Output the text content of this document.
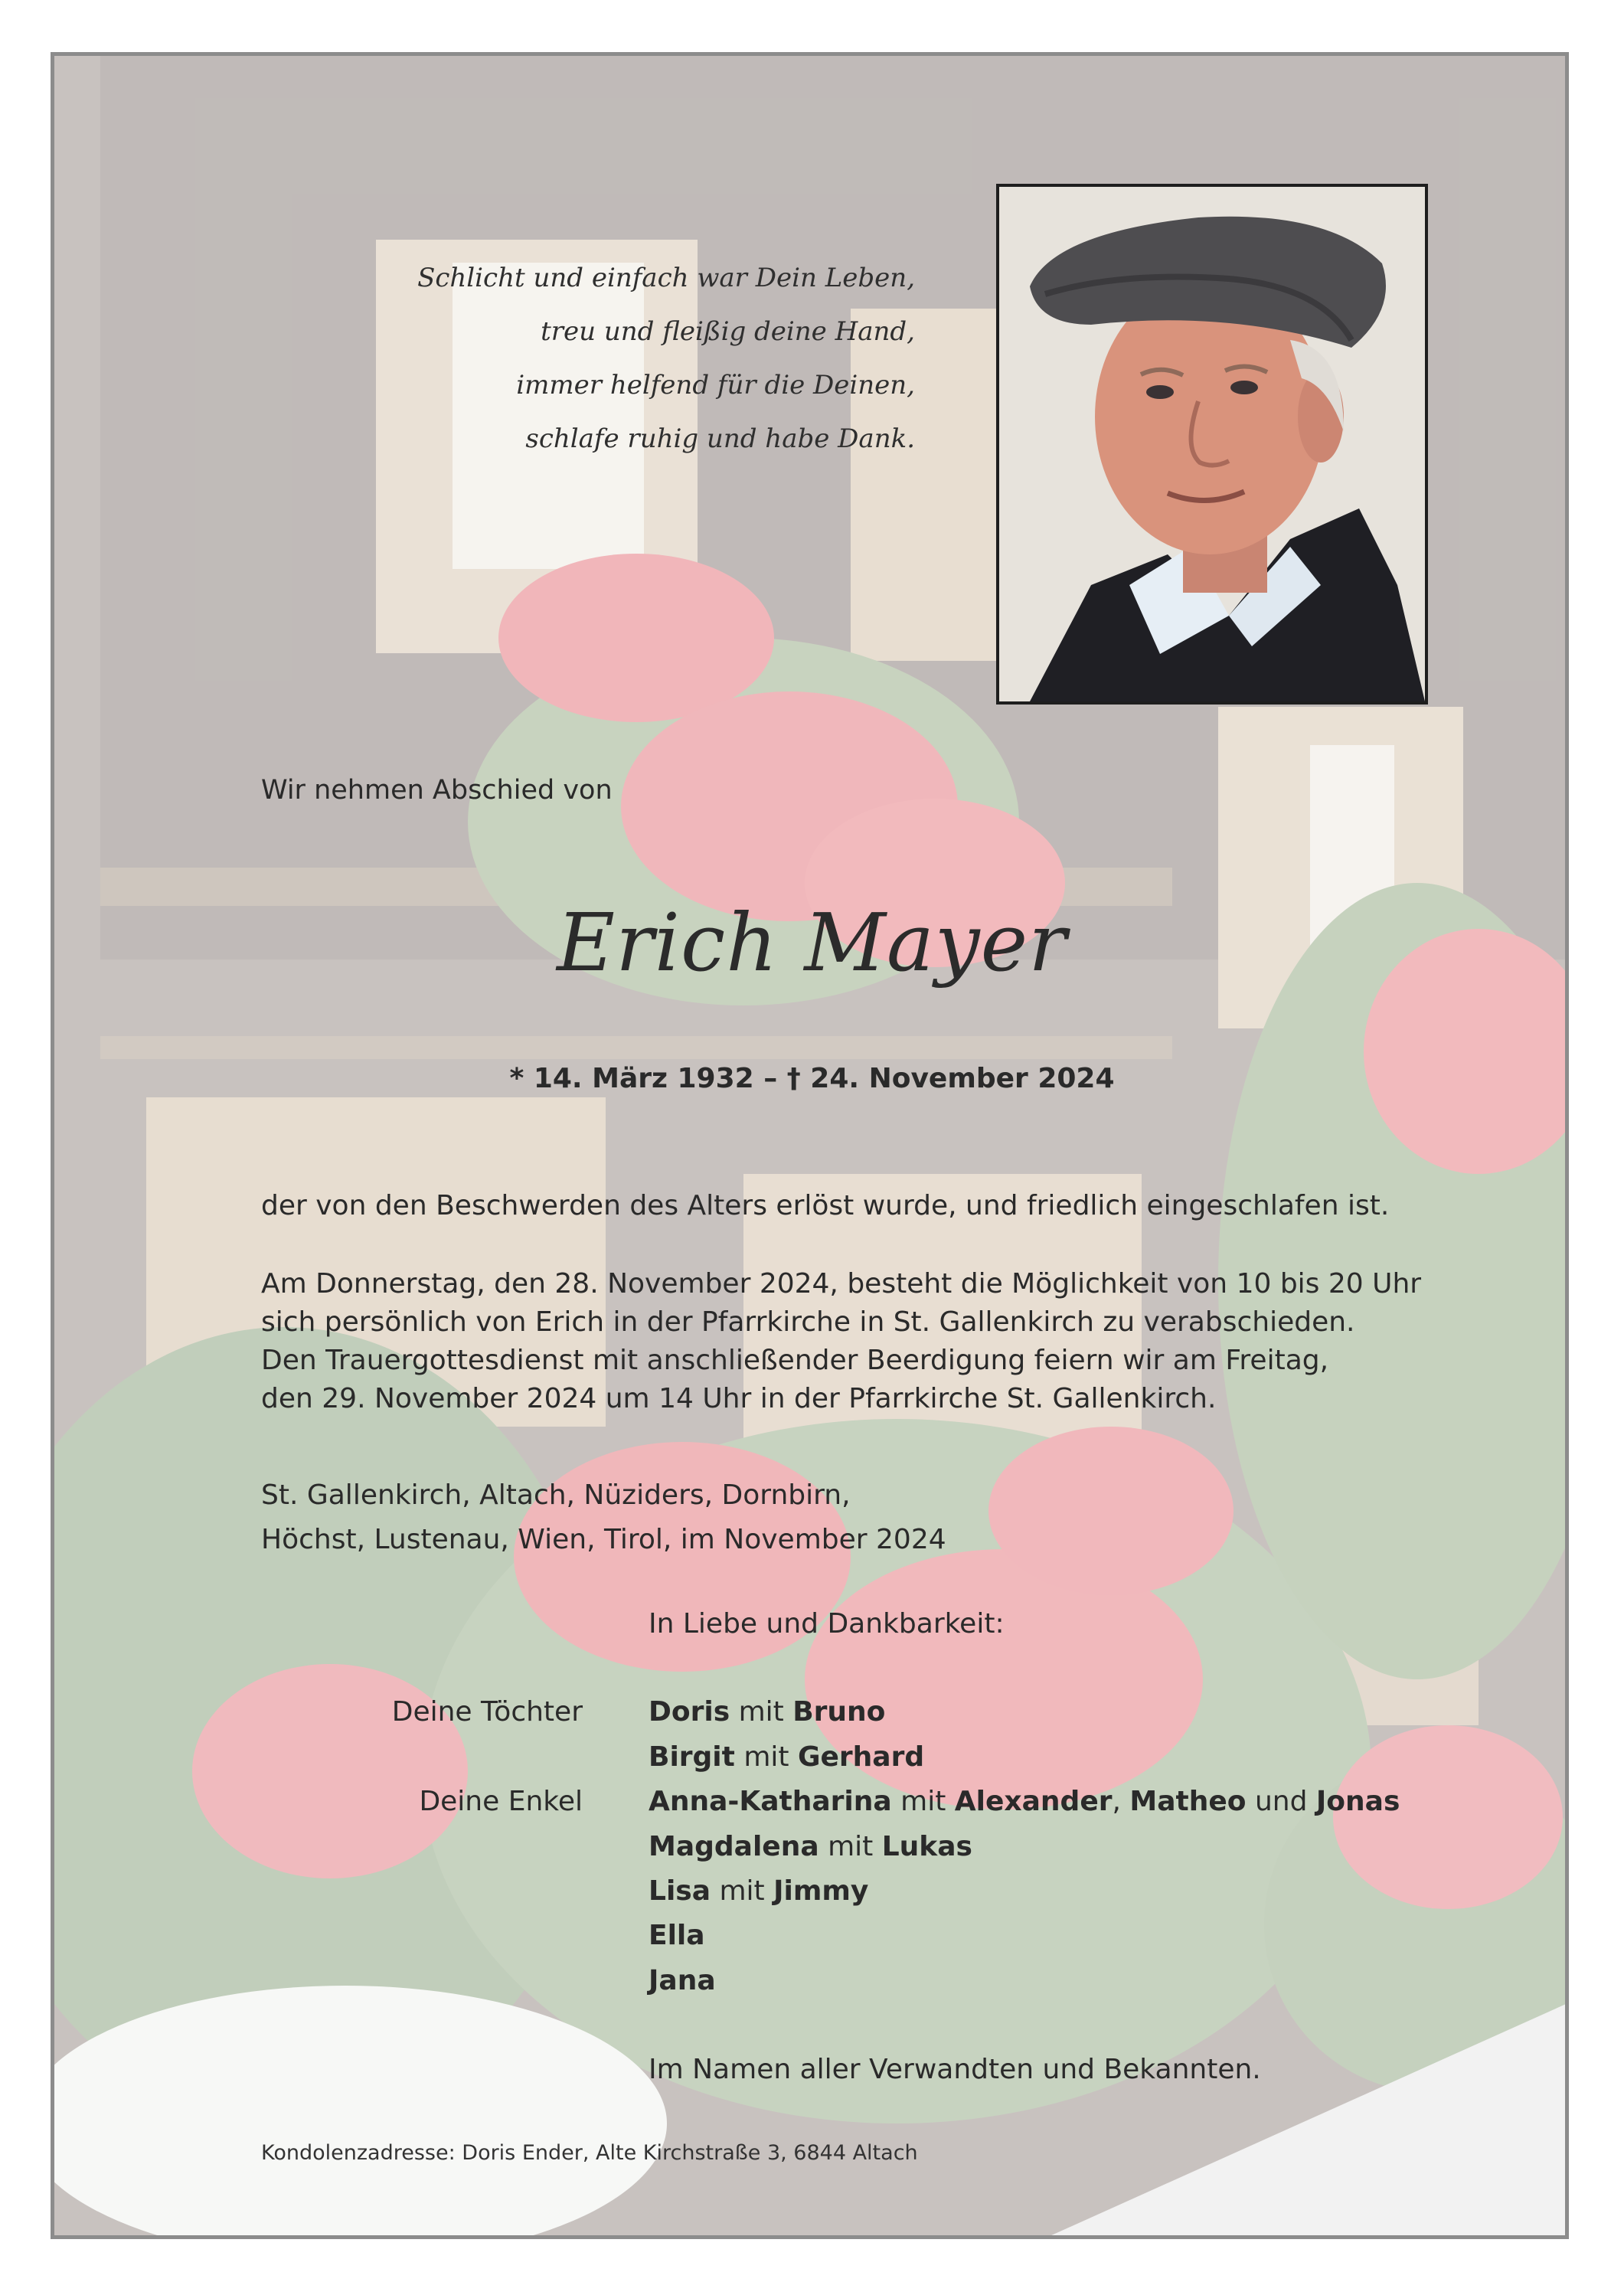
Schlicht und einfach war Dein Leben,
treu und fleißig deine Hand,
immer helfend für die Deinen,
schlafe ruhig und habe Dank.
Wir nehmen Abschied von
Erich Mayer
* 14. März 1932 – † 24. November 2024
der von den Beschwerden des Alters erlöst wurde, und friedlich eingeschlafen ist.
Am Donnerstag, den 28. November 2024, besteht die Möglichkeit von 10 bis 20 Uhr
sich persönlich von Erich in der Pfarrkirche in St. Gallenkirch zu verabschieden.
Den Trauergottesdienst mit anschließender Beerdigung feiern wir am Freitag,
den 29. November 2024 um 14 Uhr in der Pfarrkirche St. Gallenkirch.
St. Gallenkirch, Altach, Nüziders, Dornbirn,
Höchst, Lustenau, Wien, Tirol, im November 2024
In Liebe und Dankbarkeit:
Deine Töchter Doris mit Bruno
Birgit mit Gerhard
Deine Enkel Anna-Katharina mit Alexander, Matheo und Jonas
Magdalena mit Lukas
Lisa mit Jimmy
Ella
Jana
Im Namen aller Verwandten und Bekannten.
Kondolenzadresse: Doris Ender, Alte Kirchstraße 3, 6844 Altach
